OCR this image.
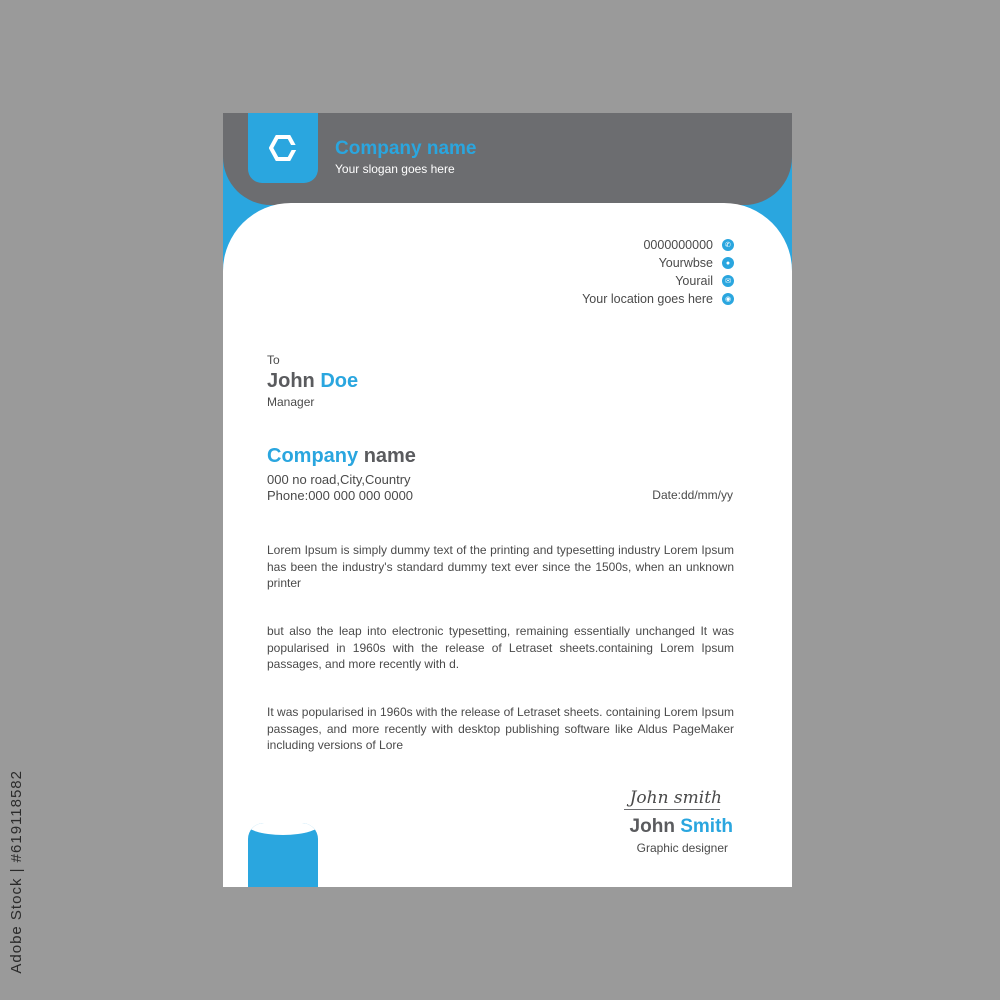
Adobe Stock | #619118582
Company name
Your slogan goes here
0000000000	✆
Yourwbse	●
Yourail	✉
Your location goes here	◉
To
John Doe
Manager
Company name
000 no road,City,Country
Phone:000 000 000 0000	Date:dd/mm/yy
Lorem Ipsum is simply dummy text of the printing and typesetting industry Lorem Ipsum has been the industry's standard dummy text ever since the 1500s, when an unknown printer
but also the leap into electronic typesetting, remaining essentially unchanged It was popularised in 1960s with the release of Letraset sheets.containing Lorem Ipsum passages, and more recently with d.
It was popularised in 1960s with the release of Letraset sheets. containing Lorem Ipsum passages, and more recently with desktop publishing software like Aldus PageMaker including versions of Lore
John smith
John Smith
Graphic designer
